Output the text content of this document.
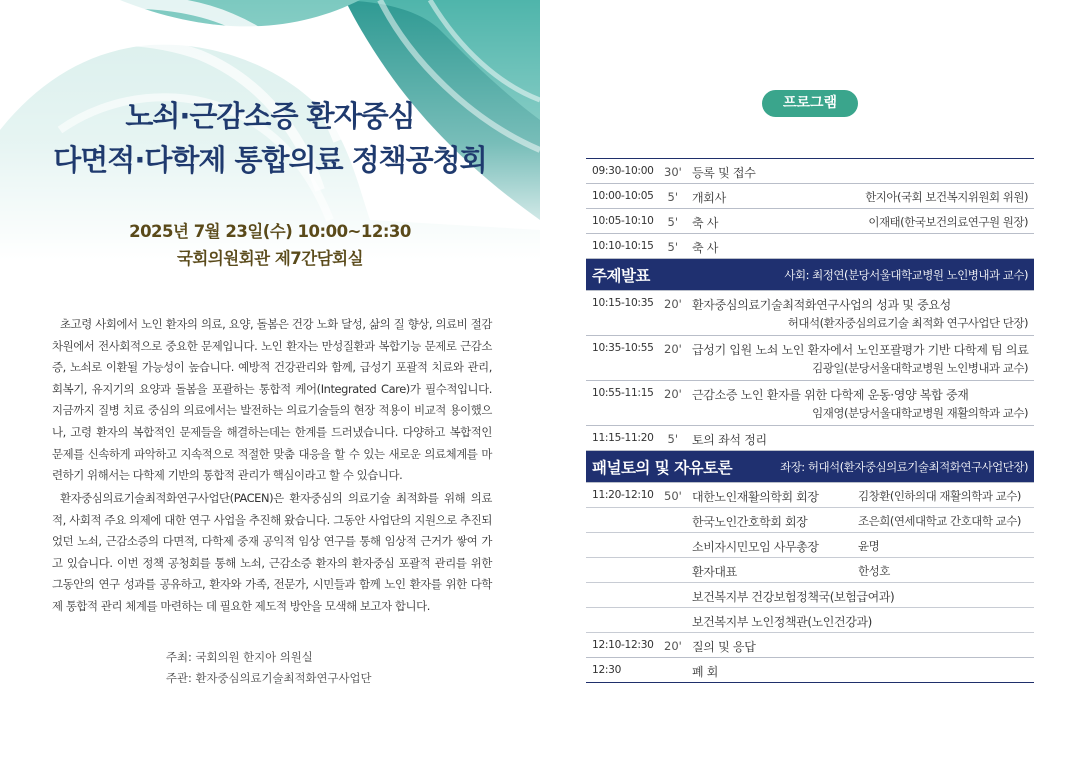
노쇠·근감소증 환자중심
다면적·다학제 통합의료 정책공청회
2025년 7월 23일(수) 10:00~12:30
국회의원회관 제7간담회실
초고령 사회에서 노인 환자의 의료, 요양, 돌봄은 건강 노화 달성, 삶의 질 향상, 의료비 절감 차원에서 전사회적으로 중요한 문제입니다. 노인 환자는 만성질환과 복합기능 문제로 근감소증, 노쇠로 이환될 가능성이 높습니다. 예방적 건강관리와 함께, 급성기 포괄적 치료와 관리, 회복기, 유지기의 요양과 돌봄을 포괄하는 통합적 케어(Integrated Care)가 필수적입니다. 지금까지 질병 치료 중심의 의료에서는 발전하는 의료기술들의 현장 적용이 비교적 용이했으나, 고령 환자의 복합적인 문제들을 해결하는데는 한계를 드러냈습니다. 다양하고 복합적인 문제를 신속하게 파악하고 지속적으로 적절한 맞춤 대응을 할 수 있는 새로운 의료체계를 마련하기 위해서는 다학제 기반의 통합적 관리가 핵심이라고 할 수 있습니다.
환자중심의료기술최적화연구사업단(PACEN)은 환자중심의 의료기술 최적화를 위해 의료적, 사회적 주요 의제에 대한 연구 사업을 추진해 왔습니다. 그동안 사업단의 지원으로 추진되었던 노쇠, 근감소증의 다면적, 다학제 중재 공익적 임상 연구를 통해 임상적 근거가 쌓여 가고 있습니다. 이번 정책 공청회를 통해 노쇠, 근감소증 환자의 환자중심 포괄적 관리를 위한 그동안의 연구 성과를 공유하고, 환자와 가족, 전문가, 시민들과 함께 노인 환자를 위한 다학제 통합적 관리 체계를 마련하는 데 필요한 제도적 방안을 모색해 보고자 합니다.
주최: 국회의원 한지아 의원실
주관: 환자중심의료기술최적화연구사업단
프로그램
09:30-10:00 30' 등록 및 접수
10:00-10:05	5' 개회사	한지아(국회 보건복지위원회 위원)
10:05-10:10	5' 축 사	이재태(한국보건의료연구원 원장)
10:10-10:15	5' 축 사
주제발표	사회: 최정연(분당서울대학교병원 노인병내과 교수)
10:15-10:35 20' 환자중심의료기술최적화연구사업의 성과 및 중요성
허대석(환자중심의료기술 최적화 연구사업단 단장)
10:35-10:55 20' 급성기 입원 노쇠 노인 환자에서 노인포괄평가 기반 다학제 팀 의료
김광일(분당서울대학교병원 노인병내과 교수)
10:55-11:15 20' 근감소증 노인 환자를 위한 다학제 운동·영양 복합 중재
임재영(분당서울대학교병원 재활의학과 교수)
11:15-11:20	5' 토의 좌석 정리
패널토의 및 자유토론	좌장: 허대석(환자중심의료기술최적화연구사업단장)
11:20-12:10 50' 대한노인재활의학회 회장	김창환(인하의대 재활의학과 교수)
한국노인간호학회 회장	조은희(연세대학교 간호대학 교수)
소비자시민모임 사무총장	윤명
환자대표	한성호
보건복지부 건강보험정책국(보험급여과)
보건복지부 노인정책관(노인건강과)
12:10-12:30 20' 질의 및 응답
12:30	폐 회
